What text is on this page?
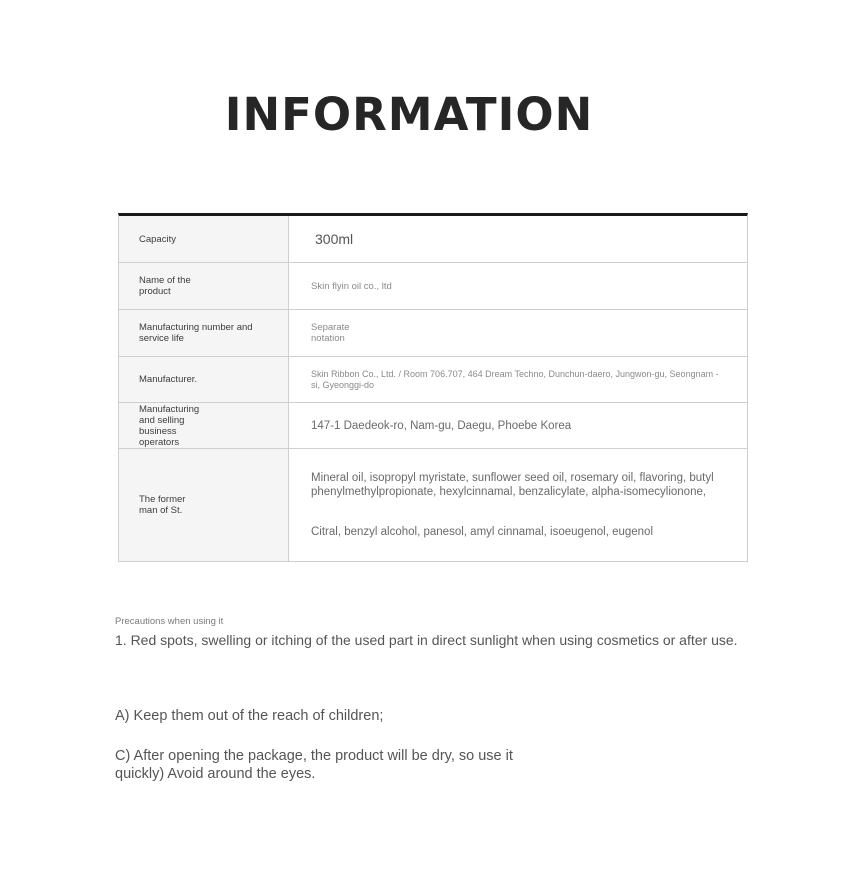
INFORMATION
Capacity	300ml
Name of the product	Skin flyin oil co., ltd
Manufacturing number and service life
Separate notation
Manufacturer.
Skin Ribbon Co., Ltd. / Room 706.707, 464 Dream Techno, Dunchun-daero, Jungwon-gu, Seongnam -si, Gyeonggi-do
Manufacturing and selling business operators
147-1 Daedeok-ro, Nam-gu, Daegu, Phoebe Korea
The former man of St.
Mineral oil, isopropyl myristate, sunflower seed oil, rosemary oil, flavoring, butyl phenylmethylpropionate, hexylcinnamal, benzalicylate, alpha-isomecylionone,
Citral, benzyl alcohol, panesol, amyl cinnamal, isoeugenol, eugenol
Precautions when using it
1. Red spots, swelling or itching of the used part in direct sunlight when using cosmetics or after use.
A) Keep them out of the reach of children;
C) After opening the package, the product will be dry, so use it quickly) Avoid around the eyes.
